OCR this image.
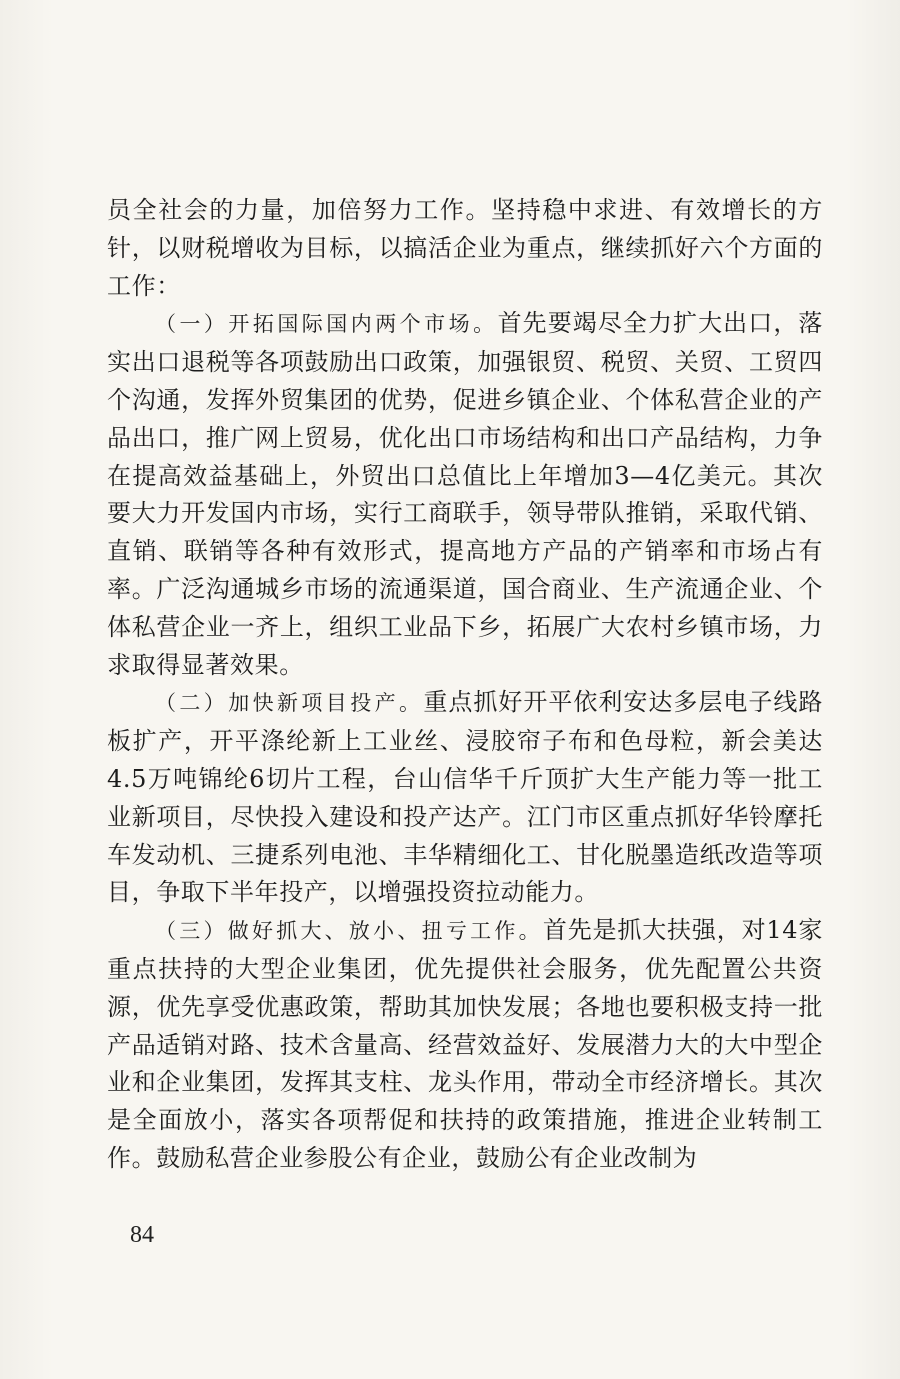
员全社会的力量，加倍努力工作。坚持稳中求进、有效增长的方针，以财税增收为目标，以搞活企业为重点，继续抓好六个方面的工作：

（一）开拓国际国内两个市场。首先要竭尽全力扩大出口，落实出口退税等各项鼓励出口政策，加强银贸、税贸、关贸、工贸四个沟通，发挥外贸集团的优势，促进乡镇企业、个体私营企业的产品出口，推广网上贸易，优化出口市场结构和出口产品结构，力争在提高效益基础上，外贸出口总值比上年增加3—4亿美元。其次要大力开发国内市场，实行工商联手，领导带队推销，采取代销、直销、联销等各种有效形式，提高地方产品的产销率和市场占有率。广泛沟通城乡市场的流通渠道，国合商业、生产流通企业、个体私营企业一齐上，组织工业品下乡，拓展广大农村乡镇市场，力求取得显著效果。

（二）加快新项目投产。重点抓好开平依利安达多层电子线路板扩产，开平涤纶新上工业丝、浸胶帘子布和色母粒，新会美达4.5万吨锦纶6切片工程，台山信华千斤顶扩大生产能力等一批工业新项目，尽快投入建设和投产达产。江门市区重点抓好华铃摩托车发动机、三捷系列电池、丰华精细化工、甘化脱墨造纸改造等项目，争取下半年投产，以增强投资拉动能力。

（三）做好抓大、放小、扭亏工作。首先是抓大扶强，对14家重点扶持的大型企业集团，优先提供社会服务，优先配置公共资源，优先享受优惠政策，帮助其加快发展；各地也要积极支持一批产品适销对路、技术含量高、经营效益好、发展潜力大的大中型企业和企业集团，发挥其支柱、龙头作用，带动全市经济增长。其次是全面放小，落实各项帮促和扶持的政策措施，推进企业转制工作。鼓励私营企业参股公有企业，鼓励公有企业改制为

84
